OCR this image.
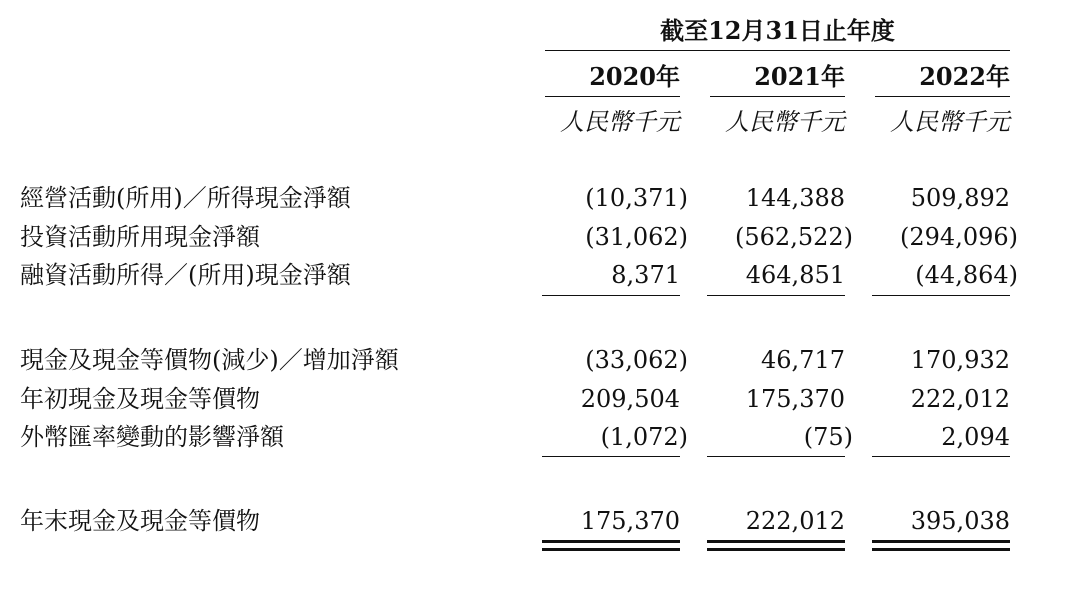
截至12月31日止年度
2020年	2021年	2022年
人民幣千元	人民幣千元	人民幣千元
經營活動(所用)／所得現金淨額	(10,371)	144,388	509,892
投資活動所用現金淨額	(31,062)	(562,522)	(294,096)
融資活動所得／(所用)現金淨額	8,371	464,851	(44,864)
現金及現金等價物(減少)／增加淨額	(33,062)	46,717	170,932
年初現金及現金等價物	209,504	175,370	222,012
外幣匯率變動的影響淨額	(1,072)	(75)	2,094
年末現金及現金等價物	175,370	222,012	395,038
